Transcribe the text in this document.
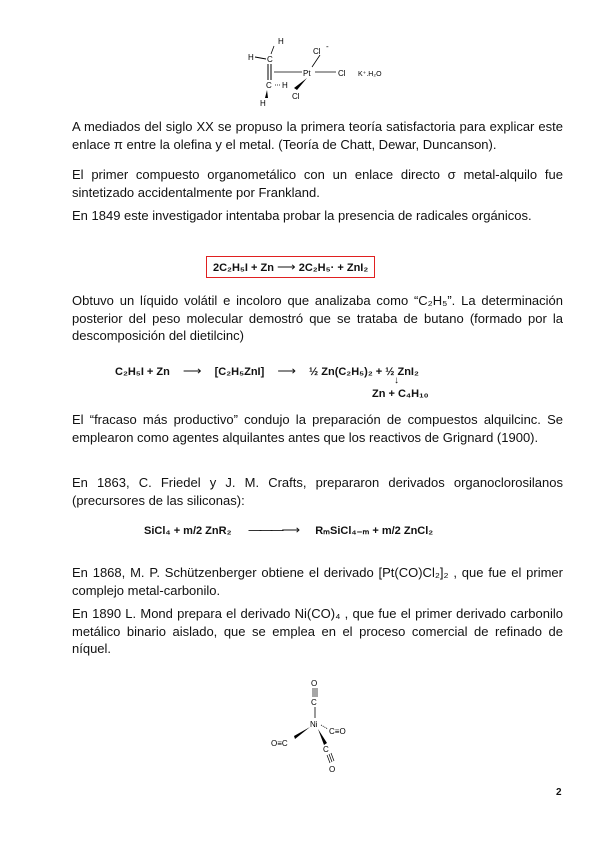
H
H C
C H
H
Pt
Cl
-
Cl
Cl
K⁺.H₂O

A mediados del siglo XX se propuso la primera teoría satisfactoria para explicar este enlace π entre la olefina y el metal. (Teoría de Chatt, Dewar, Duncanson).

El primer compuesto organometálico con un enlace directo σ metal-alquilo fue sintetizado accidentalmente por Frankland.

En 1849 este investigador intentaba probar la presencia de radicales orgánicos.

2C₂H₅I + Zn ⟶ 2C₂H₅· + ZnI₂

Obtuvo un líquido volátil e incoloro que analizaba como “C₂H₅”. La determinación posterior del peso molecular demostró que se trataba de butano (formado por la descomposición del dietilcinc)

C₂H₅I + Zn ⟶ [C₂H₅ZnI] ⟶ ½ Zn(C₂H₅)₂ + ½ ZnI₂
↓
Zn + C₄H₁₀

El “fracaso más productivo” condujo la preparación de compuestos alquilcinc. Se emplearon como agentes alquilantes antes que los reactivos de Grignard (1900).

En 1863, C. Friedel y J. M. Crafts, prepararon derivados organoclorosilanos (precursores de las siliconas):

SiCl₄ + m/2 ZnR₂ ———⟶ RₘSiCl₄₋ₘ + m/2 ZnCl₂

En 1868, M. P. Schützenberger obtiene el derivado [Pt(CO)Cl₂]₂ , que fue el primer complejo metal-carbonilo.

En 1890 L. Mond prepara el derivado Ni(CO)₄ , que fue el primer derivado carbonilo metálico binario aislado, que se emplea en el proceso comercial de refinado de níquel.

O
C
Ni
C≡O
O≡C
C
O
2
